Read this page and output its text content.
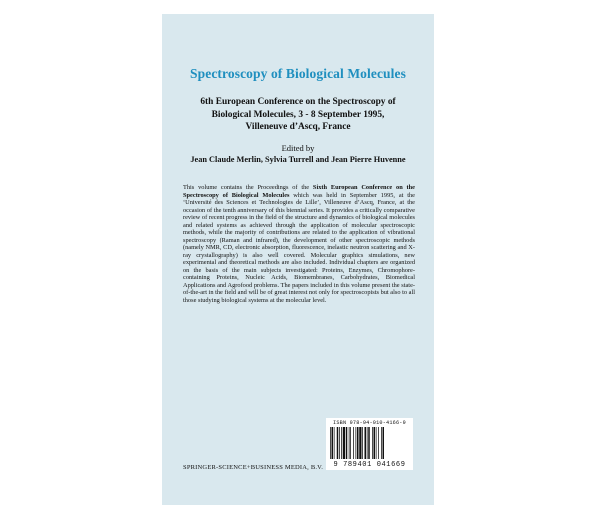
Spectroscopy of Biological Molecules
6th European Conference on the Spectroscopy of
Biological Molecules, 3 - 8 September 1995,
Villeneuve d’Ascq, France
Edited by
Jean Claude Merlin, Sylvia Turrell and Jean Pierre Huvenne
This volume contains the Proceedings of the Sixth European Conference on the Spectroscopy of Biological Molecules which was held in September 1995, at the ‘Université des Sciences et Technologies de Lille’, Villeneuve d’Ascq, France, at the occasion of the tenth anniversary of this biennial series. It provides a critically comparative review of recent progress in the field of the structure and dynamics of biological molecules and related systems as achieved through the application of molecular spectroscopic methods, while the majority of contributions are related to the application of vibrational spectroscopy (Raman and infrared), the development of other spectroscopic methods (namely NMR, CD, electronic absorption, fluorescence, inelastic neutron scattering and X-ray crystallography) is also well covered. Molecular graphics simulations, new experimental and theoretical methods are also included. Individual chapters are organized on the basis of the main subjects investigated: Proteins, Enzymes, Chromophore-containing Proteins, Nucleic Acids, Biomembranes, Carbohydrates, Biomedical Applications and Agrofood problems. The papers included in this volume present the state-of-the-art in the field and will be of great interest not only for spectroscopists but also to all those studying biological systems at the molecular level.
ISBN 978-94-010-4166-9
9 789401 041669
SPRINGER-SCIENCE+BUSINESS MEDIA, B.V.
